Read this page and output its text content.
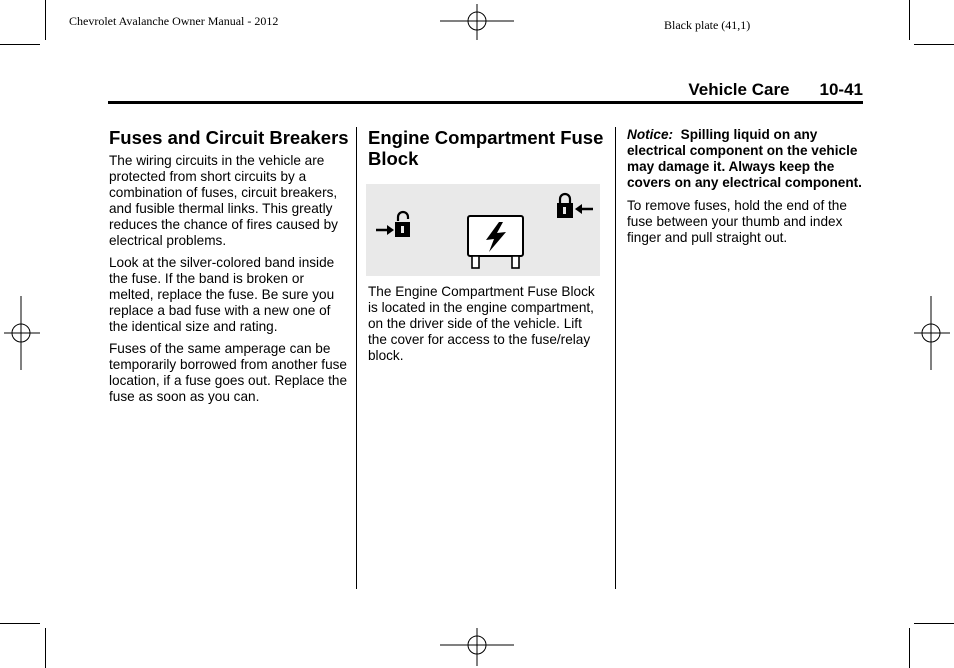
Chevrolet Avalanche Owner Manual - 2012	Black plate (41,1)
Vehicle Care 10-41
Fuses and Circuit Breakers

The wiring circuits in the vehicle are protected from short circuits by a combination of fuses, circuit breakers, and fusible thermal links. This greatly reduces the chance of fires caused by electrical problems.

Look at the silver-colored band inside the fuse. If the band is broken or melted, replace the fuse. Be sure you replace a bad fuse with a new one of the identical size and rating.

Fuses of the same amperage can be temporarily borrowed from another fuse location, if a fuse goes out. Replace the fuse as soon as you can.

Engine Compartment Fuse Block

The Engine Compartment Fuse Block is located in the engine compartment, on the driver side of the vehicle. Lift the cover for access to the fuse/relay block.

Notice: Spilling liquid on any electrical component on the vehicle may damage it. Always keep the covers on any electrical component.

To remove fuses, hold the end of the fuse between your thumb and index finger and pull straight out.
